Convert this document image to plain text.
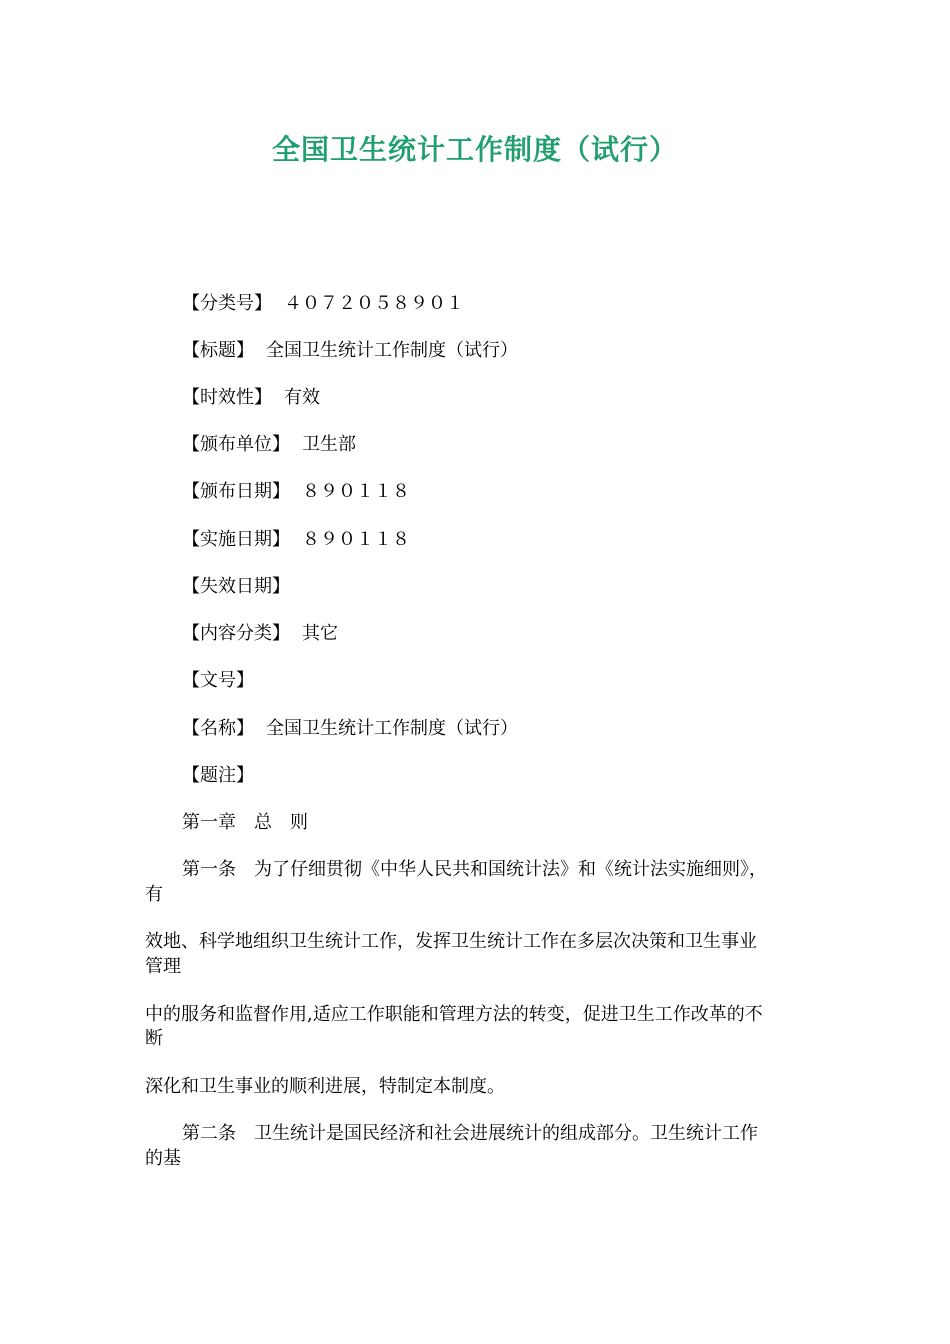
全国卫生统计工作制度（试行）
【分类号】 ４０７２０５８９０１
【标题】 全国卫生统计工作制度（试行）
【时效性】 有效
【颁布单位】 卫生部
【颁布日期】 ８９０１１８
【实施日期】 ８９０１１８
【失效日期】
【内容分类】 其它
【文号】
【名称】 全国卫生统计工作制度（试行）
【题注】
第一章　总　则
第一条　为了仔细贯彻《中华人民共和国统计法》和《统计法实施细则》，
有
效地、科学地组织卫生统计工作，发挥卫生统计工作在多层次决策和卫生事业
管理
中的服务和监督作用,适应工作职能和管理方法的转变，促进卫生工作改革的不
断
深化和卫生事业的顺利进展，特制定本制度。
第二条　卫生统计是国民经济和社会进展统计的组成部分。卫生统计工作
的基
